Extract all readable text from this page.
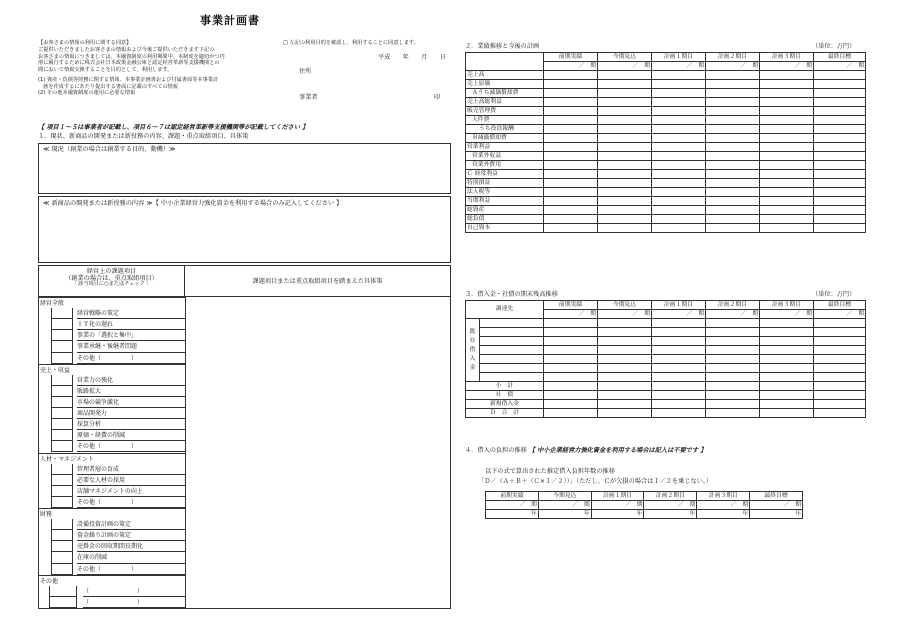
事業計画書
【お客さまの情報の利用に関する同意】
ご提供いただきましたお客さまの情報および今後ご提供いただきます下記の
お客さまの情報につきましては、本融資制度の利用期間中、本制度を適切かつ円
滑に履行するために株式会社日本政策金融公庫と認定経営革新等支援機関との
間において情報交換することを目的として、利用します。
(1) 資産・負債等財務に関する情報、本事業計画書および付属書面等本事業計
　画を作成するにあたり提出する書面に記載のすべての情報
(2) その他本融資制度の運用に必要な情報
□ 左記の利用目的を確認し、利用することに同意します。
平成　　年　　月　　日
住所
事業者	印
【 項目１～５は事業者が記載し、項目６～７は認定経営革新等支援機関等が記載してください 】
１．現状、新商品の開発または新役務の内容、課題・重点取組項目、具体策
≪ 現況（創業の場合は創業する目的、動機）≫
≪ 新商品の開発または新役務の内容 ≫【 中小企業経営力強化資金を利用する場合のみ記入してください 】
経営上の課題項目
（創業の場合は、重点取組項目）
〔 該当項目に○またはチェック 〕	課題項目または重点取組項目を踏まえた具体策
経営全般
経営戦略の策定
ＩＴ化の遅れ
事業の「選択と集中」
事業承継・後継者問題
その他（　　　　　）
売上・収益
営業力の強化
販路拡大
市場の競争激化
商品開発力
採算分析
原価・経費の削減
その他（　　　　　）
人材・マネジメント
管理者層の育成
必要な人材の採用
店舗マネジメントの向上
その他（　　　　　）
財務
設備投資計画の策定
資金繰り計画の策定
売掛金の回収期間長期化
在庫の削減
その他（　　　　　）
その他
（　　　　　　　　）
（　　　　　　　　）
２．業績推移と今後の計画	（単位：万円）
	前期実績	今期見込	計画１期目	計画２期目	計画３期目	最終目標
	／　期	／　期	／　期	／　期	／　期	／　期
売上高						
売上原価						
Ａうち減価償却費						
売上高総利益						
販売管理費						
人件費						
うち役員報酬						
Ｂ減価償却費						
営業利益						
営業外収益						
営業外費用						
Ｃ 経常利益						
特別損益						
法人税等						
当期利益						
総資産						
総負債						
自己資本						
３．借入金・社債の期末残高推移	（単位：万円）
調達先		前期実績	今期見込	計画１期目	計画２期目	計画３期目	最終目標
		／　期	／　期	／　期	／　期	／　期	／　期

既
存
借
入
金							

小　計							
社　債							
新規借入金							
Ｄ　合　計							
４．借入の負担の推移 【 中小企業経営力強化資金を利用する場合は記入は不要です 】
以下の式で算出された推定借入負担年数の推移
「Ｄ／（Ａ＋Ｂ＋（Ｃ×１／２））」（ただし、Ｃが欠損の場合は１／２を乗じない。）
前期実績	今期見込	計画１期目	計画２期目	計画３期目	最終目標
／　期	／　期	／　期	／　期	／　期	／　期
年	年	年	年	年	年
